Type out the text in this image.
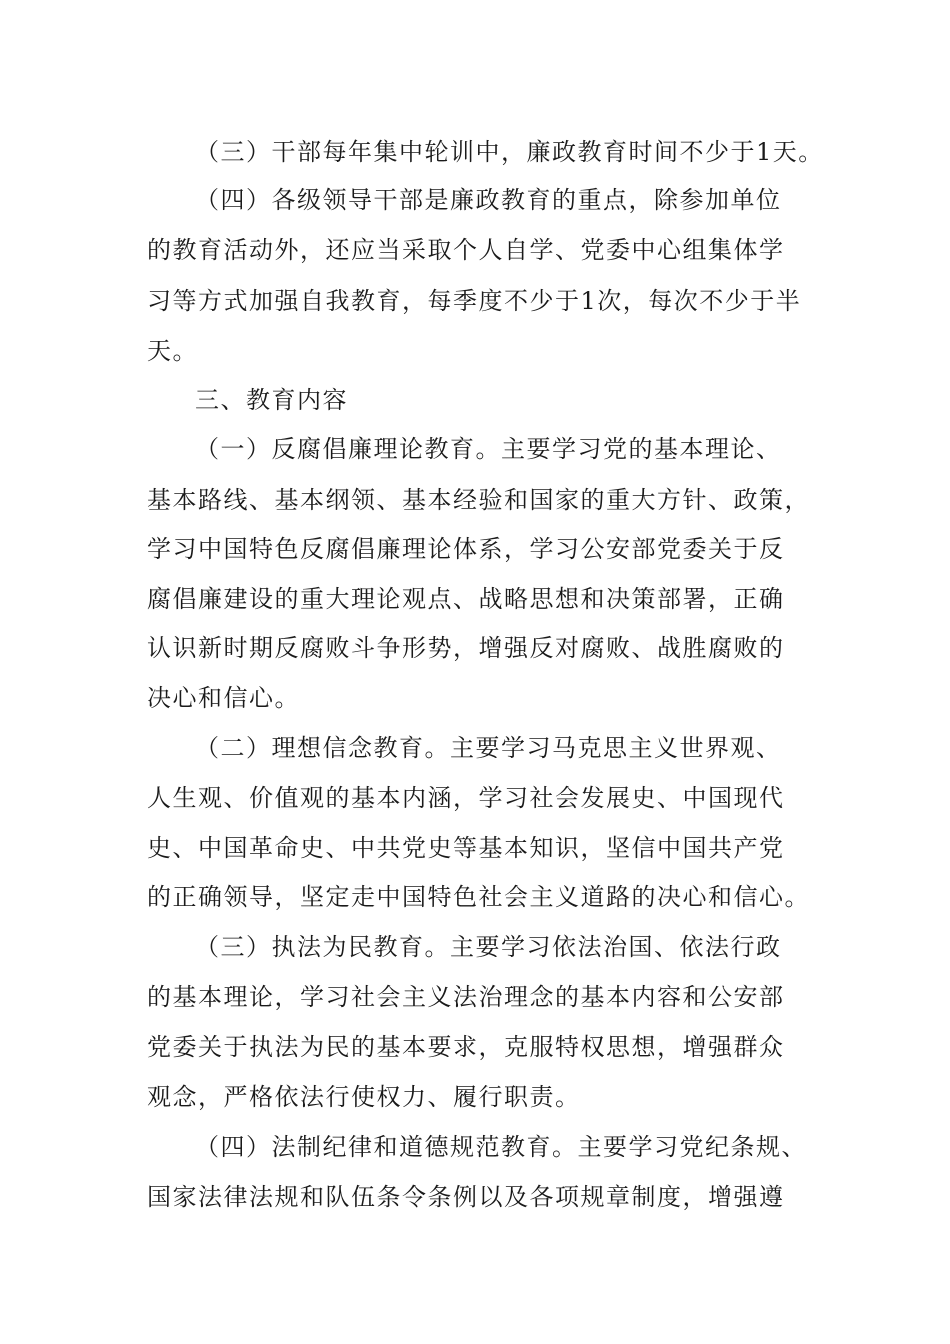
（三）干部每年集中轮训中，廉政教育时间不少于1天。
（四）各级领导干部是廉政教育的重点，除参加单位
的教育活动外，还应当采取个人自学、党委中心组集体学
习等方式加强自我教育，每季度不少于1次，每次不少于半
天。
三、教育内容
（一）反腐倡廉理论教育。主要学习党的基本理论、
基本路线、基本纲领、基本经验和国家的重大方针、政策，
学习中国特色反腐倡廉理论体系，学习公安部党委关于反
腐倡廉建设的重大理论观点、战略思想和决策部署，正确
认识新时期反腐败斗争形势，增强反对腐败、战胜腐败的
决心和信心。
（二）理想信念教育。主要学习马克思主义世界观、
人生观、价值观的基本内涵，学习社会发展史、中国现代
史、中国革命史、中共党史等基本知识，坚信中国共产党
的正确领导，坚定走中国特色社会主义道路的决心和信心。
（三）执法为民教育。主要学习依法治国、依法行政
的基本理论，学习社会主义法治理念的基本内容和公安部
党委关于执法为民的基本要求，克服特权思想，增强群众
观念，严格依法行使权力、履行职责。
（四）法制纪律和道德规范教育。主要学习党纪条规、
国家法律法规和队伍条令条例以及各项规章制度，增强遵
